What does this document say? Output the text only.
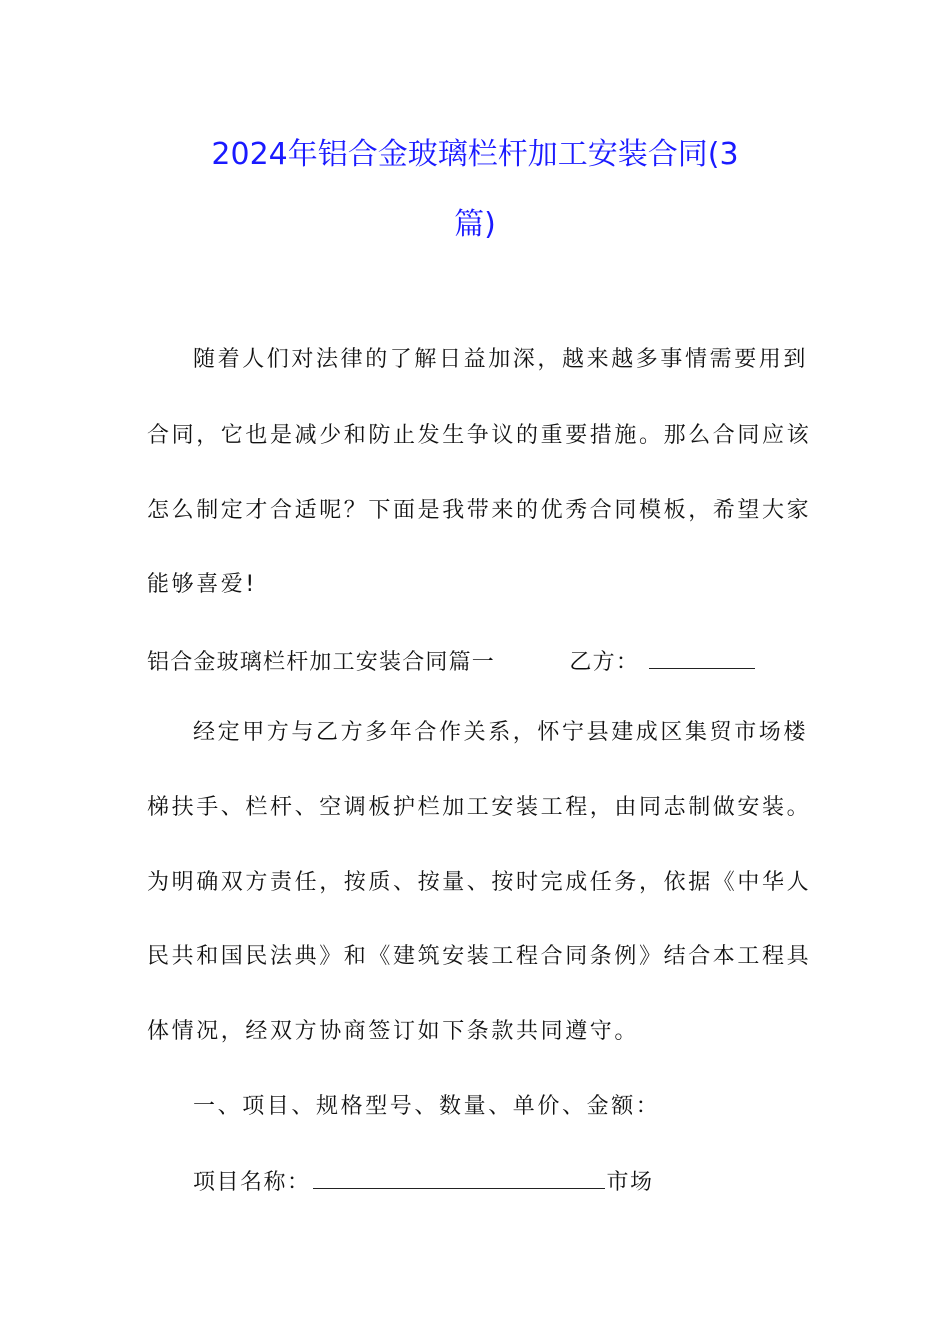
2024年铝合金玻璃栏杆加工安装合同(3
篇)
随着人们对法律的了解日益加深，越来越多事情需要用到
合同，它也是减少和防止发生争议的重要措施。那么合同应该
怎么制定才合适呢？下面是我带来的优秀合同模板，希望大家
能够喜爱!
铝合金玻璃栏杆加工安装合同篇一	乙方：
经定甲方与乙方多年合作关系，怀宁县建成区集贸市场楼
梯扶手、栏杆、空调板护栏加工安装工程，由同志制做安装。
为明确双方责任，按质、按量、按时完成任务，依据《中华人
民共和国民法典》和《建筑安装工程合同条例》结合本工程具
体情况，经双方协商签订如下条款共同遵守。
一、项目、规格型号、数量、单价、金额：
项目名称：	市场
